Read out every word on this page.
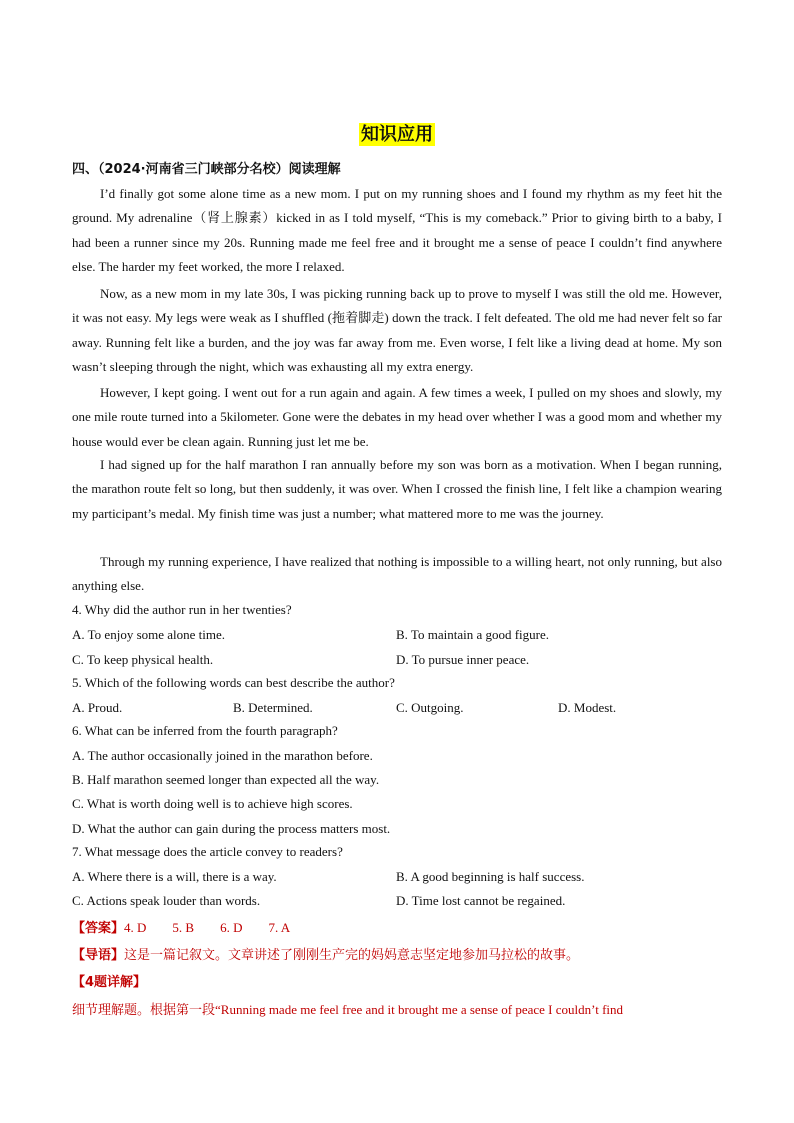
知识应用
四、（2024·河南省三门峡部分名校）阅读理解

I’d finally got some alone time as a new mom. I put on my running shoes and I found my rhythm as my feet hit the ground. My adrenaline（肾上腺素）kicked in as I told myself, “This is my comeback.” Prior to giving birth to a baby, I had been a runner since my 20s. Running made me feel free and it brought me a sense of peace I couldn’t find anywhere else. The harder my feet worked, the more I relaxed.

Now, as a new mom in my late 30s, I was picking running back up to prove to myself I was still the old me. However, it was not easy. My legs were weak as I shuffled (拖着脚走) down the track. I felt defeated. The old me had never felt so far away. Running felt like a burden, and the joy was far away from me. Even worse, I felt like a living dead at home. My son wasn’t sleeping through the night, which was exhausting all my extra energy.

However, I kept going. I went out for a run again and again. A few times a week, I pulled on my shoes and slowly, my one mile route turned into a 5kilometer. Gone were the debates in my head over whether I was a good mom and whether my house would ever be clean again. Running just let me be.

I had signed up for the half marathon I ran annually before my son was born as a motivation. When I began running, the marathon route felt so long, but then suddenly, it was over. When I crossed the finish line, I felt like a champion wearing my participant’s medal. My finish time was just a number; what mattered more to me was the journey.

Through my running experience, I have realized that nothing is impossible to a willing heart, not only running, but also anything else.

4. Why did the author run in her twenties?

A. To enjoy some alone time.	B. To maintain a good figure.
C. To keep physical health.	D. To pursue inner peace.

5. Which of the following words can best describe the author?

A. Proud.	B. Determined.	C. Outgoing.	D. Modest.

6. What can be inferred from the fourth paragraph?

A. The author occasionally joined in the marathon before.
B. Half marathon seemed longer than expected all the way.
C. What is worth doing well is to achieve high scores.
D. What the author can gain during the process matters most.

7. What message does the article convey to readers?

A. Where there is a will, there is a way.	B. A good beginning is half success.
C. Actions speak louder than words.	D. Time lost cannot be regained.
【答案】4. D　　5. B　　6. D　　7. A
【导语】这是一篇记叙文。文章讲述了刚刚生产完的妈妈意志坚定地参加马拉松的故事。
【4题详解】
细节理解题。根据第一段“Running made me feel free and it brought me a sense of peace I couldn’t find
